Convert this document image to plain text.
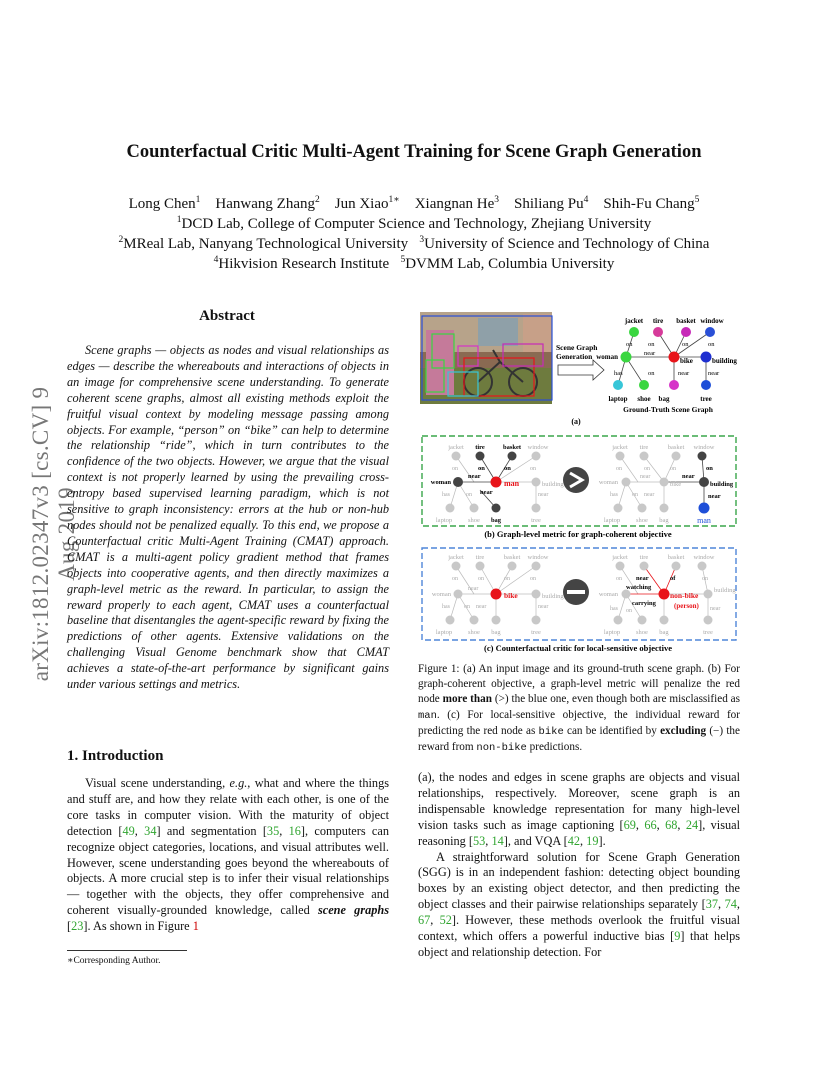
arXiv:1812.02347v3 [cs.CV] 9 Aug 2019
Counterfactual Critic Multi-Agent Training for Scene Graph Generation
Long Chen$^1$ Hanwang Zhang$^2$ Jun Xiao$^{1∗}$ Xiangnan He$^3$ Shiliang Pu$^4$ Shih-Fu Chang$^5$
$^1$DCD Lab, College of Computer Science and Technology, Zhejiang University
$^2$MReal Lab, Nanyang Technological University $^3$University of Science and Technology of China
$^4$Hikvision Research Institute $^5$DVMM Lab, Columbia University
Abstract

Scene graphs — objects as nodes and visual relationships as edges — describe the whereabouts and interactions of objects in an image for comprehensive scene understanding. To generate coherent scene graphs, almost all existing methods exploit the fruitful visual context by modeling message passing among objects. For example, “person” on “bike” can help to determine the relationship “ride”, which in turn contributes to the confidence of the two objects. However, we argue that the visual context is not properly learned by using the prevailing cross-entropy based supervised learning paradigm, which is not sensitive to graph inconsistency: errors at the hub or non-hub nodes should not be penalized equally. To this end, we propose a Counterfactual critic Multi-Agent Training (CMAT) approach. CMAT is a multi-agent policy gradient method that frames objects into cooperative agents, and then directly maximizes a graph-level metric as the reward. In particular, to assign the reward properly to each agent, CMAT uses a counterfactual baseline that disentangles the agent-specific reward by fixing the predictions of other agents. Extensive validations on the challenging Visual Genome benchmark show that CMAT achieves a state-of-the-art performance by significant gains under various settings and metrics.

1. Introduction

Visual scene understanding, e.g., what and where the things and stuff are, and how they relate with each other, is one of the core tasks in computer vision. With the maturity of object detection [49, 34] and segmentation [35, 16], computers can recognize object categories, locations, and visual attributes well. However, scene understanding goes beyond the whereabouts of objects. A more crucial step is to infer their visual relationships — together with the objects, they offer comprehensive and coherent visually-grounded knowledge, called scene graphs [23]. As shown in Figure 1

∗Corresponding Author.

(a), the nodes and edges in scene graphs are objects and visual relationships, respectively. Moreover, scene graph is an indispensable knowledge representation for many high-level vision tasks such as image captioning [69, 66, 68, 24], visual reasoning [53, 14], and VQA [42, 19].

A straightforward solution for Scene Graph Generation (SGG) is in an independent fashion: detecting object bounding boxes by an existing object detector, and then predicting the object classes and their pairwise relationships separately [37, 74, 67, 52]. However, these methods overlook the fruitful visual context, which offers a powerful inductive bias [9] that helps object and relationship detection. For

Scene Graph
Generation
jacket tire basket window
woman	bike	building
laptop shoe bag	tree
on on	on	on
near
has	on	near	near
Ground-Truth Scene Graph
(a)
jacket tire	basket window
woman	man	building
laptop shoe bag	tree
on	on	on	on
near
has	on near	near
jacket tire	basket window
woman	bike	building
laptop shoe bag	man
on	on	on	on
near	near
has on near	near
(b) Graph-level metric for graph-coherent objective
jacket tire	basket window
woman	bike	building
laptop shoe bag	tree
on	on	on	on
near
has on near	near
jacket tire	basket window
woman	non-bike
(person)
building
laptop shoe bag	tree
on near	of	on
watching
carrying
has on	near
(c) Counterfactual critic for local-sensitive objective
Figure 1: (a) An input image and its ground-truth scene graph. (b) For graph-coherent objective, a graph-level metric will penalize the red node more than (>) the blue one, even though both are misclassified as man. (c) For local-sensitive objective, the individual reward for predicting the red node as bike can be identified by excluding (−) the reward from non-bike predictions.
